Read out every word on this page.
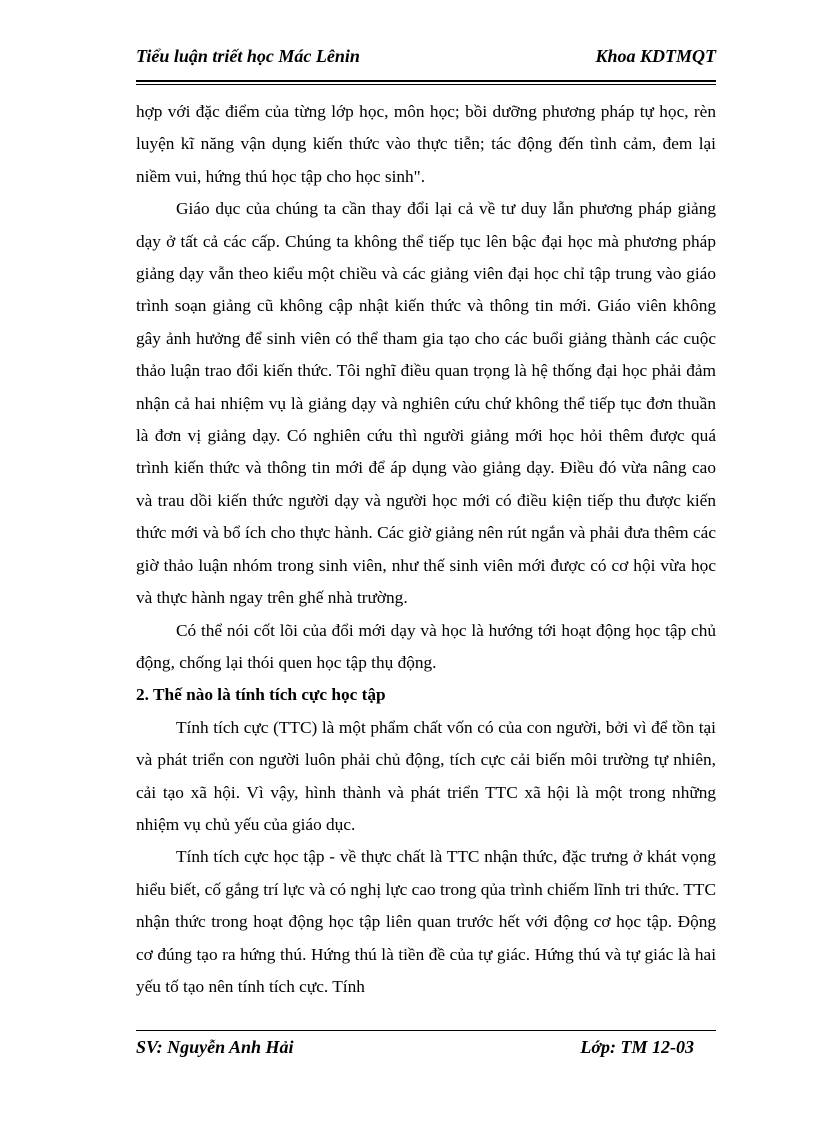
Tiểu luận triết học Mác Lênin	Khoa KDTMQT

hợp với đặc điểm của từng lớp học, môn học; bồi dưỡng phương pháp tự học, rèn luyện kĩ năng vận dụng kiến thức vào thực tiễn; tác động đến tình cảm, đem lại niềm vui, hứng thú học tập cho học sinh".

Giáo dục của chúng ta cần thay đổi lại cả về tư duy lẫn phương pháp giảng dạy ở tất cả các cấp. Chúng ta không thể tiếp tục lên bậc đại học mà phương pháp giảng dạy vẫn theo kiểu một chiều và các giảng viên đại học chỉ tập trung vào giáo trình soạn giảng cũ không cập nhật kiến thức và thông tin mới. Giáo viên không gây ảnh hưởng để sinh viên có thể tham gia tạo cho các buổi giảng thành các cuộc thảo luận trao đổi kiến thức. Tôi nghĩ điều quan trọng là hệ thống đại học phải đảm nhận cả hai nhiệm vụ là giảng dạy và nghiên cứu chứ không thể tiếp tục đơn thuần là đơn vị giảng dạy. Có nghiên cứu thì người giảng mới học hỏi thêm được quá trình kiến thức và thông tin mới để áp dụng vào giảng dạy. Điều đó vừa nâng cao và trau dồi kiến thức người dạy và người học mới có điều kiện tiếp thu được kiến thức mới và bổ ích cho thực hành. Các giờ giảng nên rút ngắn và phải đưa thêm các giờ thảo luận nhóm trong sinh viên, như thế sinh viên mới được có cơ hội vừa học và thực hành ngay trên ghế nhà trường.

Có thể nói cốt lõi của đổi mới dạy và học là hướng tới hoạt động học tập chủ động, chống lại thói quen học tập thụ động.

2. Thế nào là tính tích cực học tập

Tính tích cực (TTC) là một phẩm chất vốn có của con người, bởi vì để tồn tại và phát triển con người luôn phải chủ động, tích cực cải biến môi trường tự nhiên, cải tạo xã hội. Vì vậy, hình thành và phát triển TTC xã hội là một trong những nhiệm vụ chủ yếu của giáo dục.

Tính tích cực học tập - về thực chất là TTC nhận thức, đặc trưng ở khát vọng hiểu biết, cố gắng trí lực và có nghị lực cao trong qủa trình chiếm lĩnh tri thức. TTC nhận thức trong hoạt động học tập liên quan trước hết với động cơ học tập. Động cơ đúng tạo ra hứng thú. Hứng thú là tiền đề của tự giác. Hứng thú và tự giác là hai yếu tố tạo nên tính tích cực. Tính

SV: Nguyễn Anh Hải	Lớp: TM 12-03
